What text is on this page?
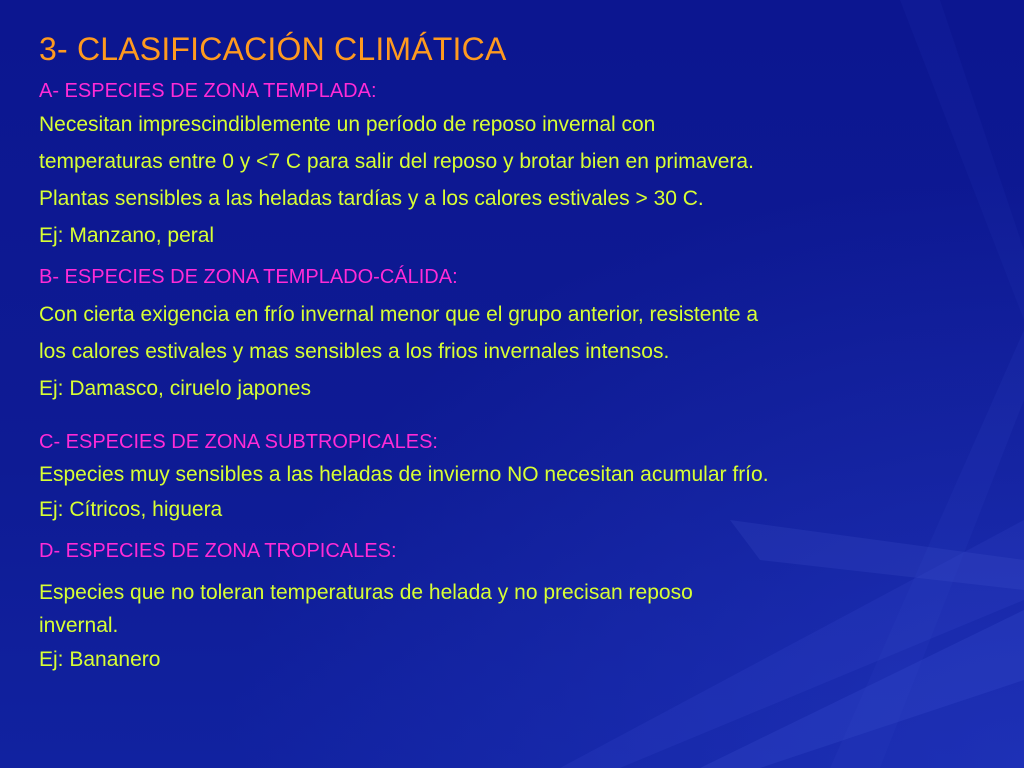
3- CLASIFICACIÓN CLIMÁTICA
A- ESPECIES DE ZONA TEMPLADA:
Necesitan imprescindiblemente un período de reposo invernal con
temperaturas entre 0 y <7 C para salir del reposo y brotar bien en primavera.
Plantas sensibles a las heladas tardías y a los calores estivales > 30 C.
Ej: Manzano, peral
B- ESPECIES DE ZONA TEMPLADO-CÁLIDA:
Con cierta exigencia en frío invernal menor que el grupo anterior, resistente a
los calores estivales y mas sensibles a los frios invernales intensos.
Ej: Damasco, ciruelo japones
C- ESPECIES DE ZONA SUBTROPICALES:
Especies muy sensibles a las heladas de invierno NO necesitan acumular frío.
Ej: Cítricos, higuera
D- ESPECIES DE ZONA TROPICALES:
Especies que no toleran temperaturas de helada y no precisan reposo
invernal.
Ej: Bananero
